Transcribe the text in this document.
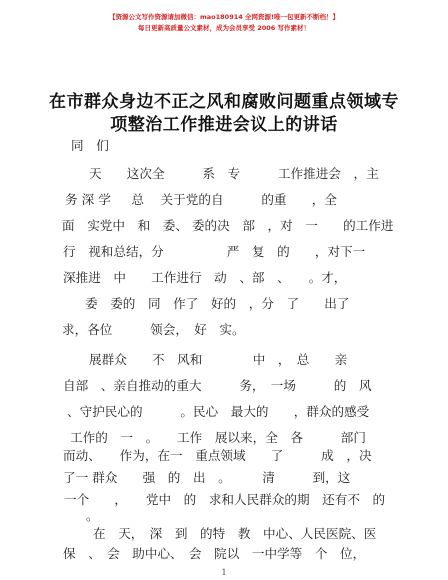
【资源公文写作资源请加微信：mao180914 全网资源!唯一包更新不断档！】
每日更新高质量公文素材，成为会员享受 2006 写作素材！
在市群众身边不正之风和腐败问题重点领域专
项整治工作推进会议上的讲话
同　们
天　　这次全　　　系　专　　　工作推进会　，主
务 深 学 　 总 　关于党的自　　　的重　　，全
面　实党中　和　委、 委的决　部　，对　一　　的工作进
行　视和总结，分　　　　　严　复　的　　，对下一
深推进　中　　工作进行　动　、部　、　　。才，
委　委的　同　作了　好的　，分　了　　出了
求，各位　　　领会，　好　实。
展群众　　不　风和　　　　中　，　总　　亲
自部　、亲自推动的重大　　　务，　一场　　　的　风
、守护民心的　　　。民心　最大的　　，群众的感受
工作的　一　。　　工作　展以来，全　各　　　部门
而动、　　作为，在一　重点领域　　了　　　成　，决
了一 群众　　强　的　出　。　　　清　　　到，这
一个　　，　　党中　的　求和人民群众的期　还有不　的
。
1
在　天，　深　到　的特　教　中心、人民医院、医
保　、　会　助中心、　会　院以　一中学等　个　位，
